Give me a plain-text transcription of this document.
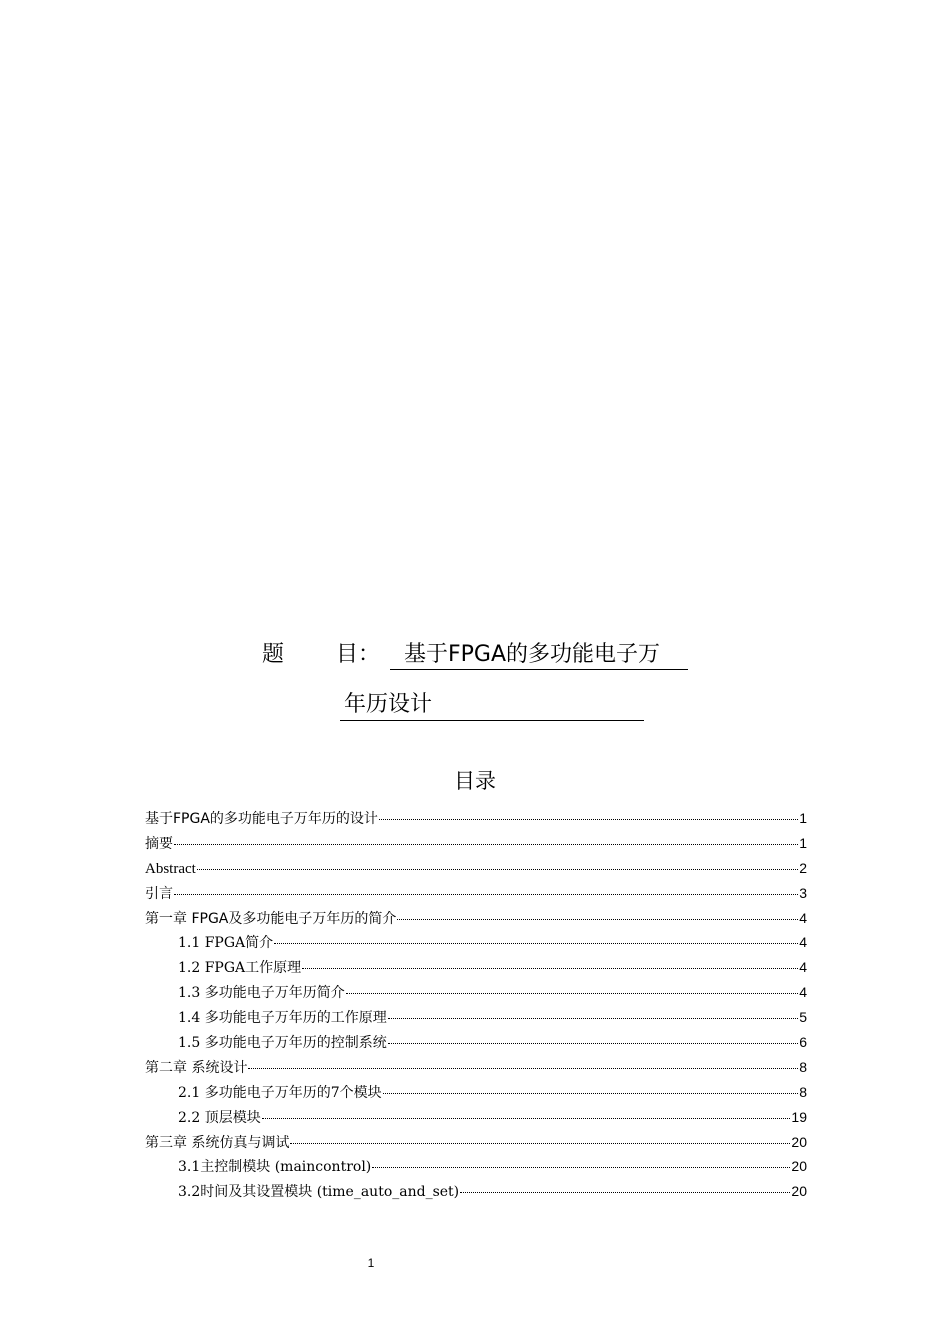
题 目： 基于FPGA的多功能电子万
年历设计
目录
基于FPGA的多功能电子万年历的设计	1
摘要	1
Abstract	2
引言	3
第一章 FPGA及多功能电子万年历的简介	4
1.1 FPGA简介	4
1.2 FPGA工作原理	4
1.3 多功能电子万年历简介	4
1.4 多功能电子万年历的工作原理	5
1.5 多功能电子万年历的控制系统	6
第二章 系统设计	8
2.1 多功能电子万年历的7个模块	8
2.2 顶层模块	19
第三章 系统仿真与调试	20
3.1主控制模块 (maincontrol)	20
3.2时间及其设置模块 (time_auto_and_set)	20
1
